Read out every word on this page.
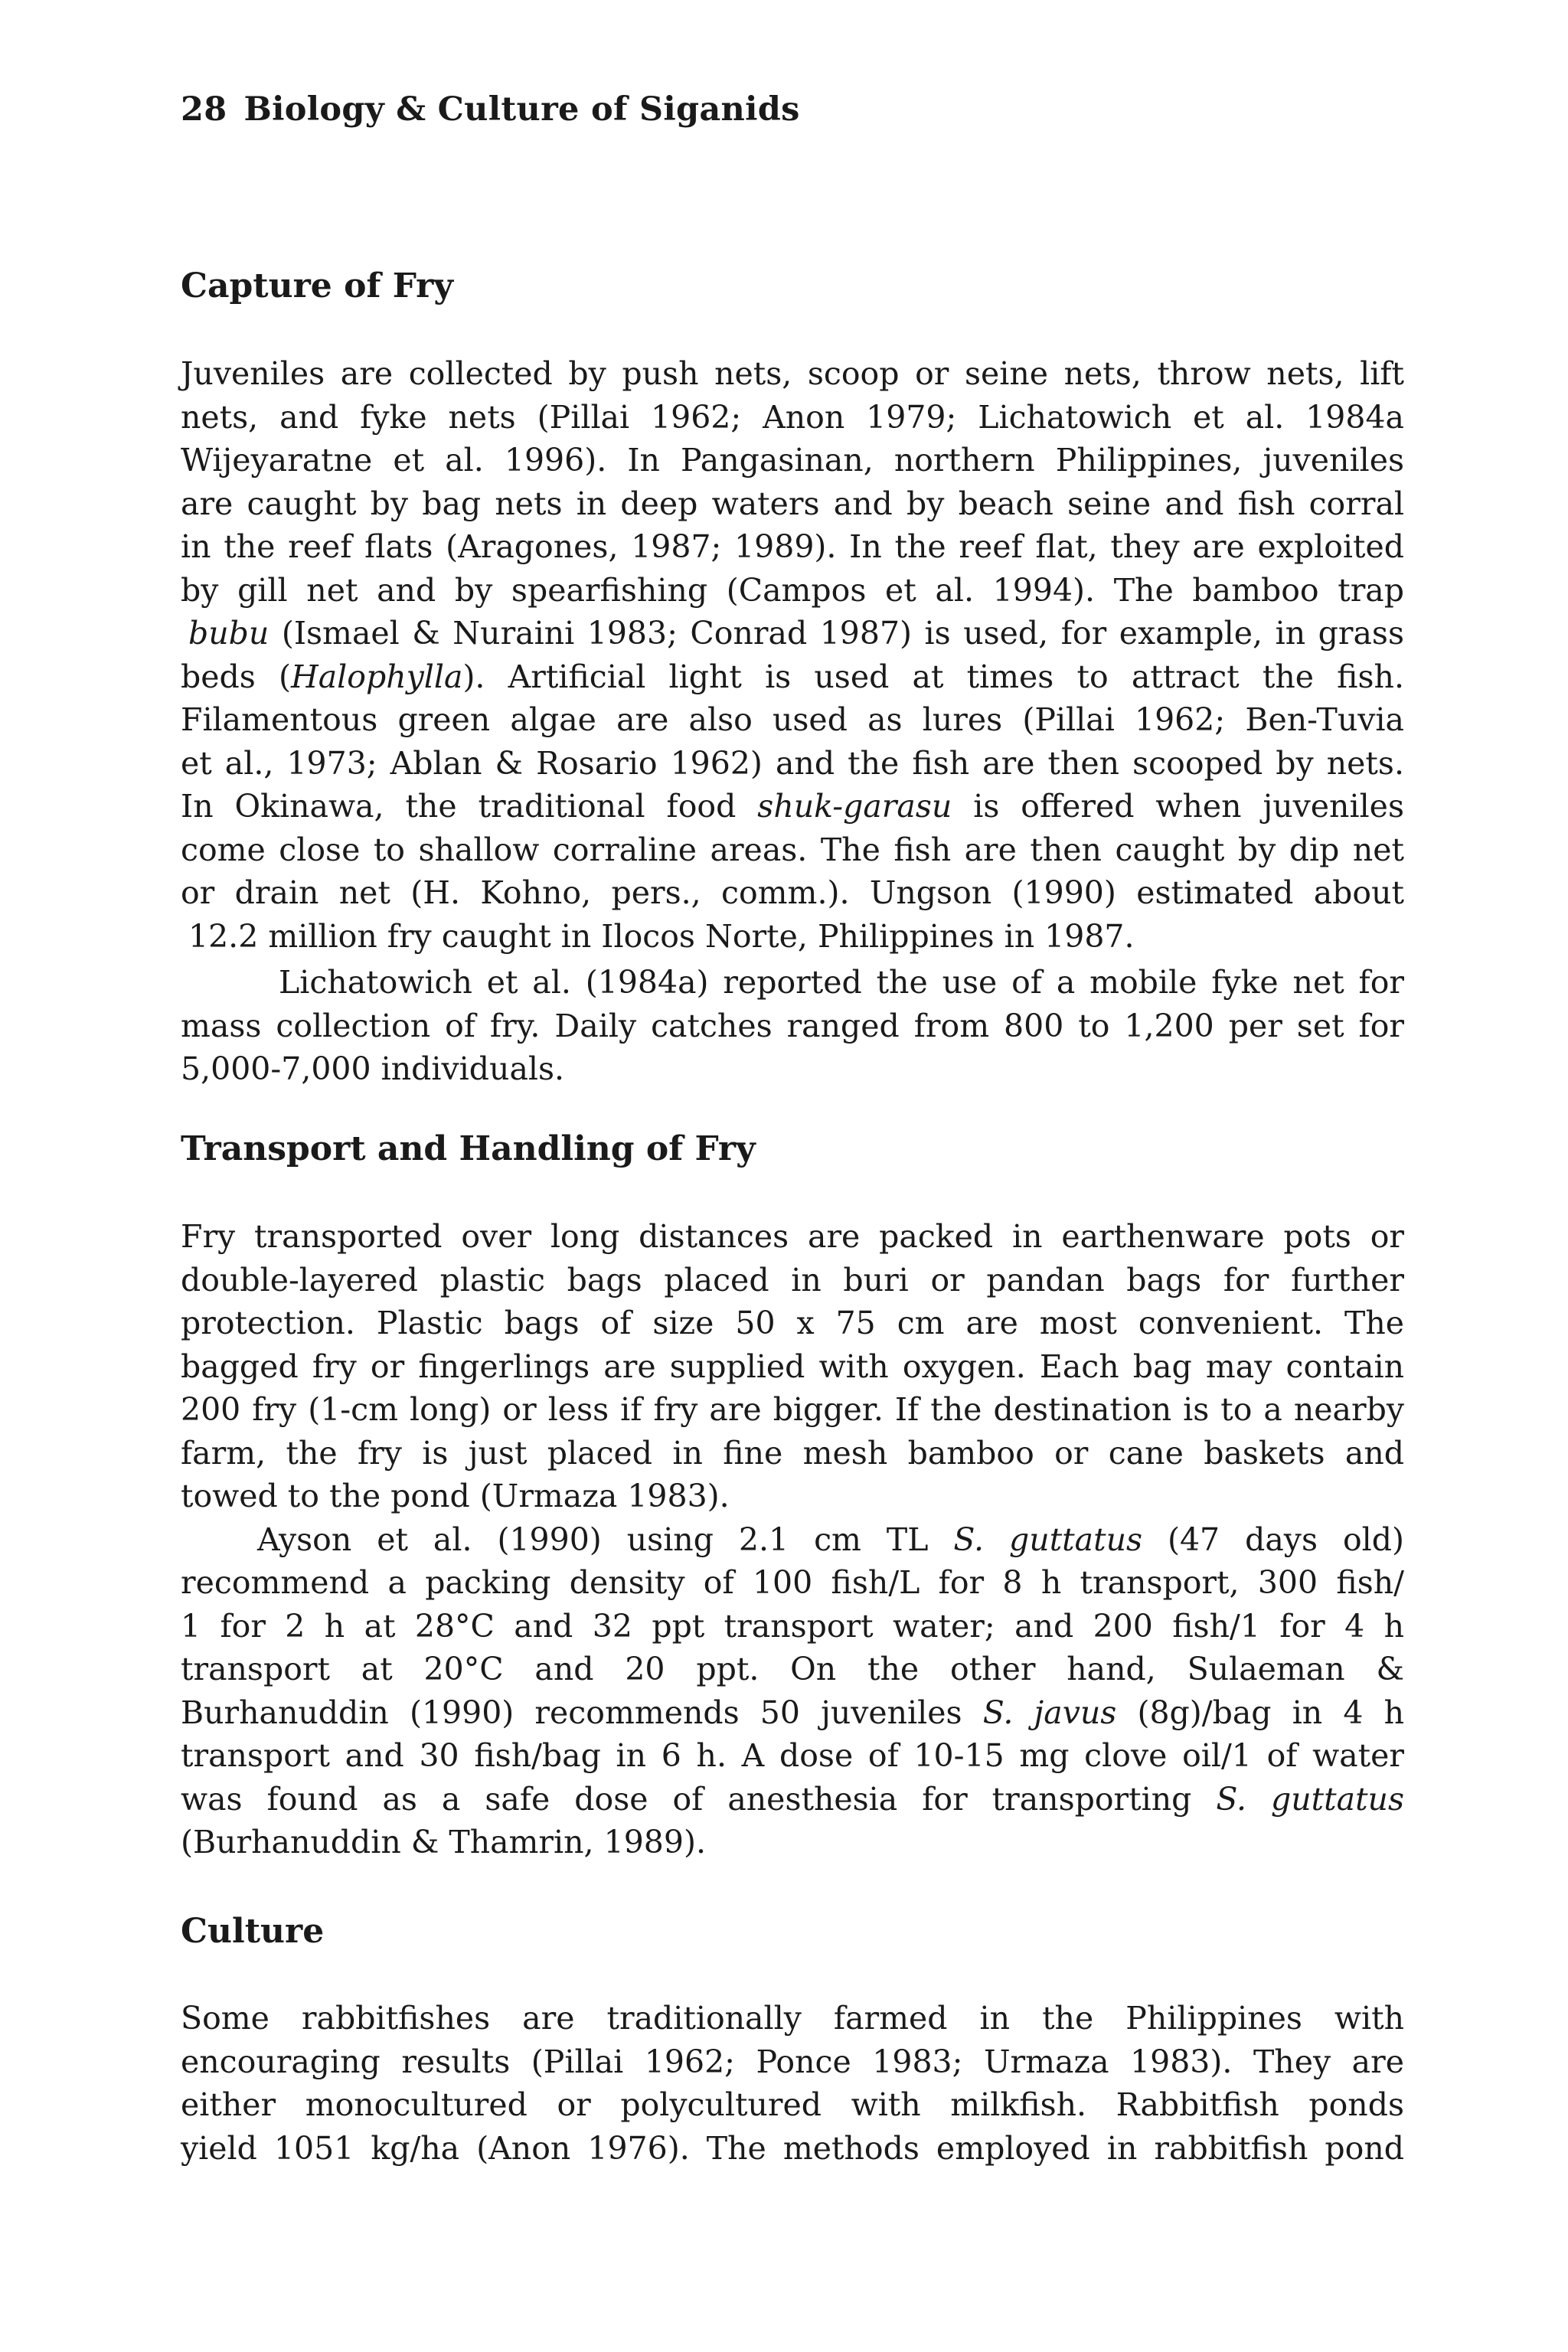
28 Biology & Culture of Siganids
Capture of Fry
Juveniles are collected by push nets, scoop or seine nets, throw nets, lift
nets, and fyke nets (Pillai 1962; Anon 1979; Lichatowich et al. 1984a
Wijeyaratne et al. 1996). In Pangasinan, northern Philippines, juveniles
are caught by bag nets in deep waters and by beach seine and fish corral
in the reef flats (Aragones, 1987; 1989). In the reef flat, they are exploited
by gill net and by spearfishing (Campos et al. 1994). The bamboo trap
bubu (Ismael & Nuraini 1983; Conrad 1987) is used, for example, in grass
beds (Halophylla). Artificial light is used at times to attract the fish.
Filamentous green algae are also used as lures (Pillai 1962; Ben-Tuvia
et al., 1973; Ablan & Rosario 1962) and the fish are then scooped by nets.
In Okinawa, the traditional food shuk-garasu is offered when juveniles
come close to shallow corraline areas. The fish are then caught by dip net
or drain net (H. Kohno, pers., comm.). Ungson (1990) estimated about
12.2 million fry caught in Ilocos Norte, Philippines in 1987.
Lichatowich et al. (1984a) reported the use of a mobile fyke net for
mass collection of fry. Daily catches ranged from 800 to 1,200 per set for
5,000-7,000 individuals.
Transport and Handling of Fry
Fry transported over long distances are packed in earthenware pots or
double-layered plastic bags placed in buri or pandan bags for further
protection. Plastic bags of size 50 x 75 cm are most convenient. The
bagged fry or fingerlings are supplied with oxygen. Each bag may contain
200 fry (1-cm long) or less if fry are bigger. If the destination is to a nearby
farm, the fry is just placed in fine mesh bamboo or cane baskets and
towed to the pond (Urmaza 1983).
Ayson et al. (1990) using 2.1 cm TL S. guttatus (47 days old)
recommend a packing density of 100 fish/L for 8 h transport, 300 fish/
1 for 2 h at 28°C and 32 ppt transport water; and 200 fish/1 for 4 h
transport at 20°C and 20 ppt. On the other hand, Sulaeman &
Burhanuddin (1990) recommends 50 juveniles S. javus (8g)/bag in 4 h
transport and 30 fish/bag in 6 h. A dose of 10-15 mg clove oil/1 of water
was found as a safe dose of anesthesia for transporting S. guttatus
(Burhanuddin & Thamrin, 1989).
Culture
Some rabbitfishes are traditionally farmed in the Philippines with
encouraging results (Pillai 1962; Ponce 1983; Urmaza 1983). They are
either monocultured or polycultured with milkfish. Rabbitfish ponds
yield 1051 kg/ha (Anon 1976). The methods employed in rabbitfish pond
